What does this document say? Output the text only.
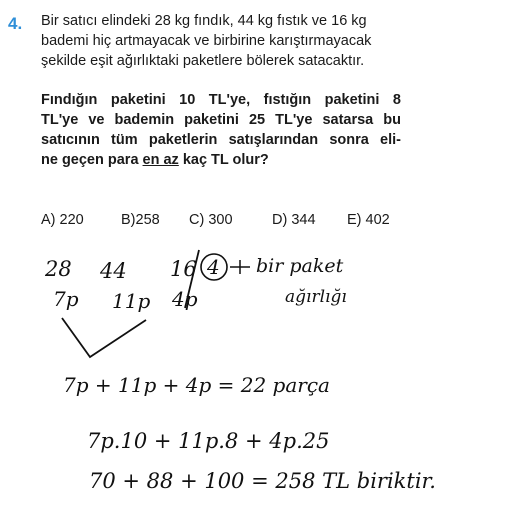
4. Bir satıcı elindeki 28 kg fındık, 44 kg fıstık ve 16 kg
bademi hiç artmayacak ve birbirine karıştırmayacak
şekilde eşit ağırlıktaki paketlere bölerek satacaktır.
Fındığın paketini 10 TL'ye, fıstığın paketini 8
TL'ye ve bademin paketini 25 TL'ye satarsa bu
satıcının tüm paketlerin satışlarından sonra eli-
ne geçen para en az kaç TL olur?
A) 220	B)258 C) 300	D) 344 E) 402
28 44 16 4 bir paket
ağırlığı
7p 11p 4p
7p + 11p + 4p = 22 parça
7p.10 + 11p.8 + 4p.25
70 + 88 + 100 = 258 TL biriktir.
